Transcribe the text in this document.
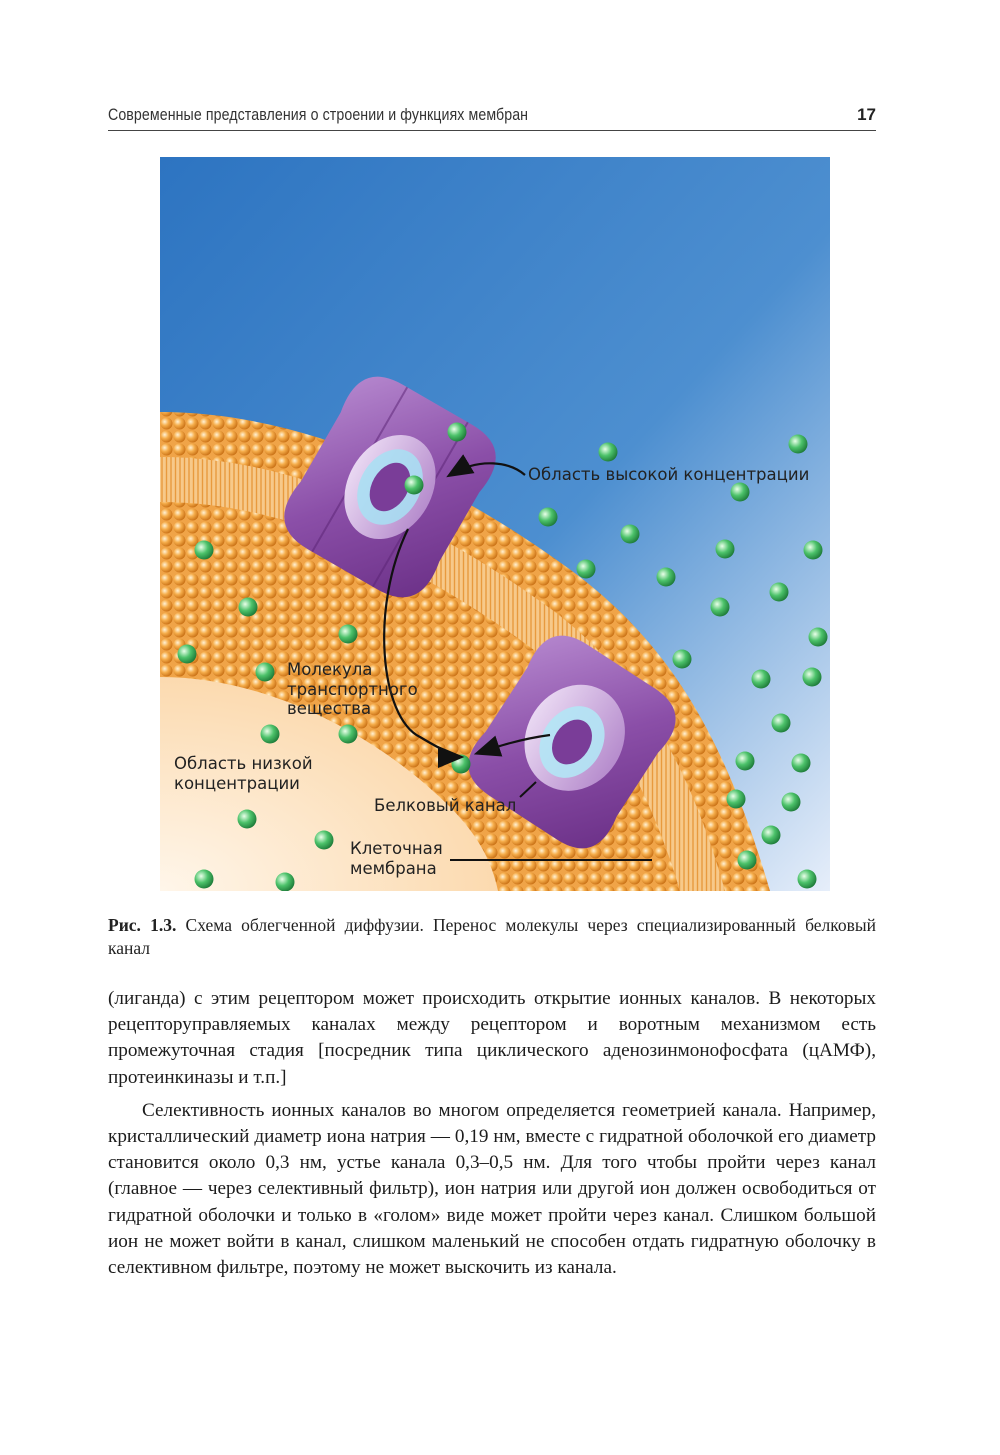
Современные представления о строении и функциях мембран	17
Область высокой концентрации
Молекула
транспортного
вещества
Область низкой
концентрации
Белковый канал
Клеточная
мембрана
Рис. 1.3. Схема облегченной диффузии. Перенос молекулы через специализированный белковый канал

(лиганда) с этим рецептором может происходить открытие ионных каналов. В некоторых рецепторуправляемых каналах между рецептором и воротным механизмом есть промежуточная стадия [посредник типа циклического аденозинмонофосфата (цАМФ), протеинкиназы и т.п.]

Селективность ионных каналов во многом определяется геометрией канала. Например, кристаллический диаметр иона натрия — 0,19 нм, вместе с гидратной оболочкой его диаметр становится около 0,3 нм, устье канала 0,3–0,5 нм. Для того чтобы пройти через канал (главное — через селективный фильтр), ион натрия или другой ион должен освободиться от гидратной оболочки и только в «голом» виде может пройти через канал. Слишком большой ион не может войти в канал, слишком маленький не способен отдать гидратную оболочку в селективном фильтре, поэтому не может выскочить из канала.
